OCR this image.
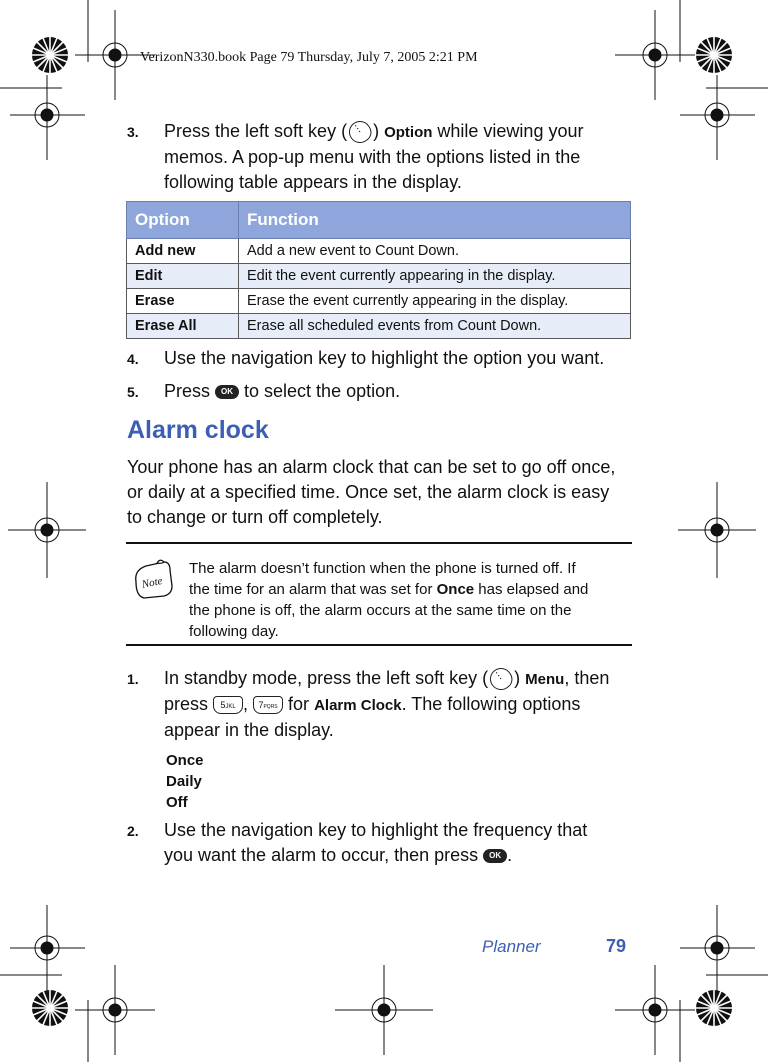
VerizonN330.book Page 79 Thursday, July 7, 2005 2:21 PM
3. Press the left soft key ( ⋮ ) Option while viewing your
memos. A pop-up menu with the options listed in the
following table appears in the display.
Option	Function
Add new	Add a new event to Count Down.
Edit	Edit the event currently appearing in the display.
Erase	Erase the event currently appearing in the display.
Erase All	Erase all scheduled events from Count Down.
4. Use the navigation key to highlight the option you want.
5. Press OK to select the option.
Alarm clock
Your phone has an alarm clock that can be set to go off once,
or daily at a specified time. Once set, the alarm clock is easy
to change or turn off completely.
Note
The alarm doesn’t function when the phone is turned off. If
the time for an alarm that was set for Once has elapsed and
the phone is off, the alarm occurs at the same time on the
following day.
1. In standby mode, press the left soft key ( ⋮ ) Menu, then
press 5JKL , 7PQRS for Alarm Clock. The following options
appear in the display.
Once
Daily
Off
2. Use the navigation key to highlight the frequency that
you want the alarm to occur, then press OK .
Planner	79
